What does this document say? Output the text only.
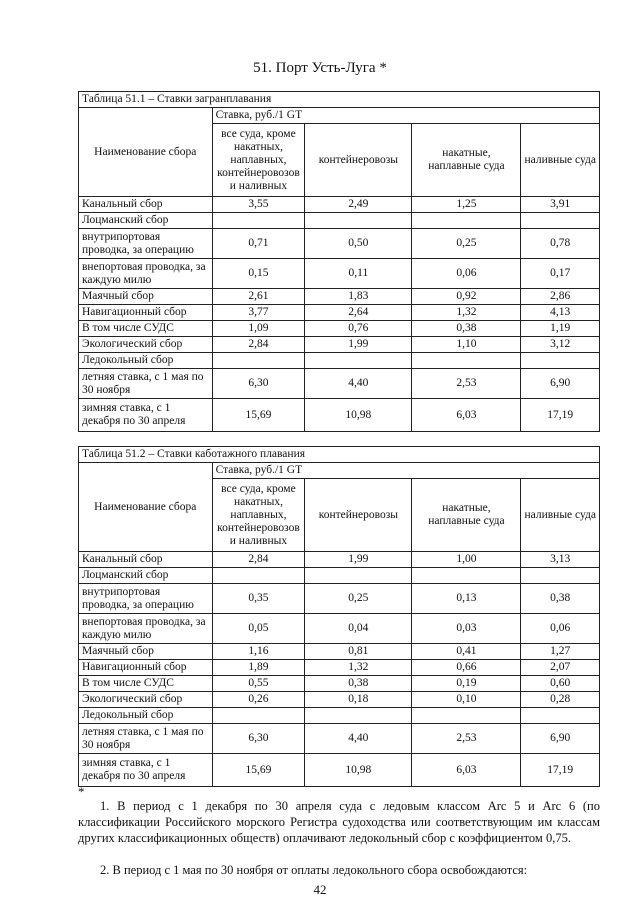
51. Порт Усть-Луга *
Таблица 51.1 – Ставки загранплавания				
Наименование сбора	Ставка, руб./1 GT			
	все суда, кроме накатных, наплавных, контейнеровозов и наливных	контейнеровозы	накатные, наплавные суда	наливные суда
Канальный сбор	3,55	2,49	1,25	3,91
Лоцманский сбор				
внутрипортовая проводка, за операцию	0,71	0,50	0,25	0,78
внепортовая проводка, за каждую милю	0,15	0,11	0,06	0,17
Маячный сбор	2,61	1,83	0,92	2,86
Навигационный сбор	3,77	2,64	1,32	4,13
В том числе СУДС	1,09	0,76	0,38	1,19
Экологический сбор	2,84	1,99	1,10	3,12
Ледокольный сбор				
летняя ставка, с 1 мая по 30 ноября	6,30	4,40	2,53	6,90
зимняя ставка, с 1 декабря по 30 апреля	15,69	10,98	6,03	17,19
Таблица 51.2 – Ставки каботажного плавания				
Наименование сбора	Ставка, руб./1 GT			
	все суда, кроме накатных, наплавных, контейнеровозов и наливных	контейнеровозы	накатные, наплавные суда	наливные суда
Канальный сбор	2,84	1,99	1,00	3,13
Лоцманский сбор				
внутрипортовая проводка, за операцию	0,35	0,25	0,13	0,38
внепортовая проводка, за каждую милю	0,05	0,04	0,03	0,06
Маячный сбор	1,16	0,81	0,41	1,27
Навигационный сбор	1,89	1,32	0,66	2,07
В том числе СУДС	0,55	0,38	0,19	0,60
Экологический сбор	0,26	0,18	0,10	0,28
Ледокольный сбор				
летняя ставка, с 1 мая по 30 ноября	6,30	4,40	2,53	6,90
зимняя ставка, с 1 декабря по 30 апреля	15,69	10,98	6,03	17,19
*
1. В период с 1 декабря по 30 апреля суда с ледовым классом Arc 5 и Arc 6 (по классификации Российского морского Регистра судоходства или соответствующим им классам других классификационных обществ) оплачивают ледокольный сбор с коэффициентом 0,75.
2. В период с 1 мая по 30 ноября от оплаты ледокольного сбора освобождаются:
42
